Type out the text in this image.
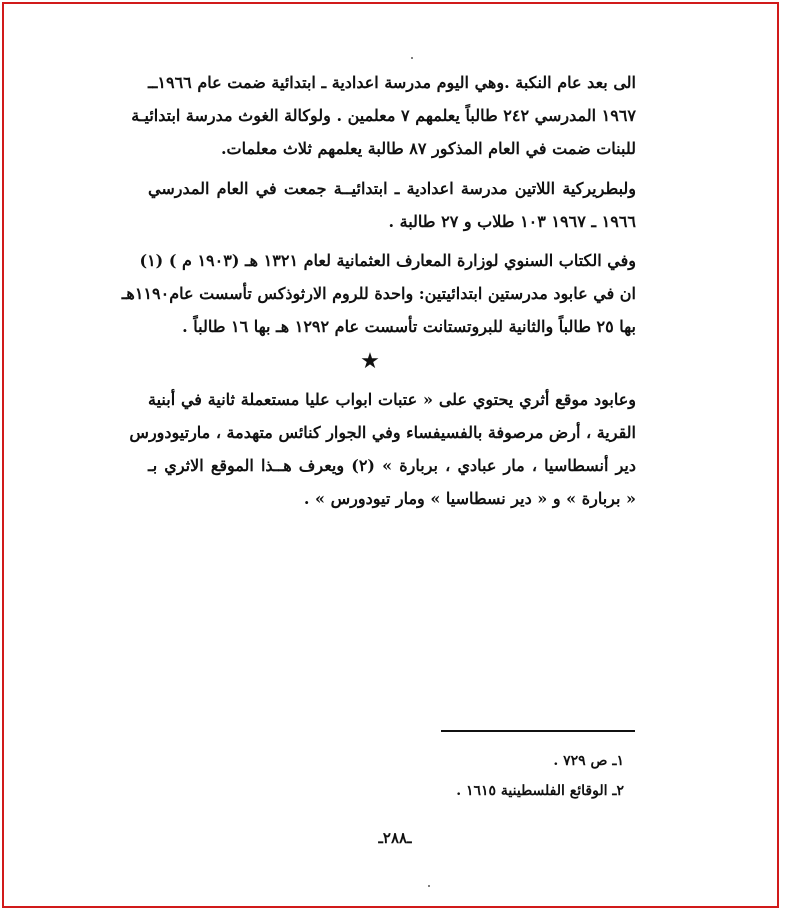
الى بعد عام النكبة .وهي اليوم مدرسة اعدادية ـ ابتدائية ضمت عام ١٩٦٦ــ
١٩٦٧ المدرسي ٢٤٢ طالباً يعلمهم ٧ معلمين . ولوكالة الغوث مدرسة ابتدائيـة
للبنات ضمت في العام المذكور ٨٧ طالبة يعلمهم ثلاث معلمات.
ولبطريركية اللاتين مدرسة اعدادية ـ ابتدائيــة جمعت في العام المدرسي
١٩٦٦ ـ ١٩٦٧ ١٠٣ طلاب و ٢٧ طالبة .
وفي الكتاب السنوي لوزارة المعارف العثمانية لعام ١٣٢١ هـ (١٩٠٣ م ) (١)
ان في عابود مدرستين ابتدائيتين: واحدة للروم الارثوذكس تأسست عام١١٩٠هـ
بها ٢٥ طالباً والثانية للبروتستانت تأسست عام ١٢٩٢ هـ بها ١٦ طالباً .
★
وعابود موقع أثري يحتوي على « عتبات ابواب عليا مستعملة ثانية في أبنية
القرية ، أرض مرصوفة بالفسيفساء وفي الجوار كنائس متهدمة ، مارتيودورس
دير أنسطاسيا ، مار عبادي ، بربارة » (٢) ويعرف هــذا الموقع الاثري بـ
« بربارة » و « دير نسطاسيا » ومار تيودورس » .
١ـ ص ٧٢٩ .
٢ـ الوقائع الفلسطينية ١٦١٥ .
ـ٢٨٨ـ
